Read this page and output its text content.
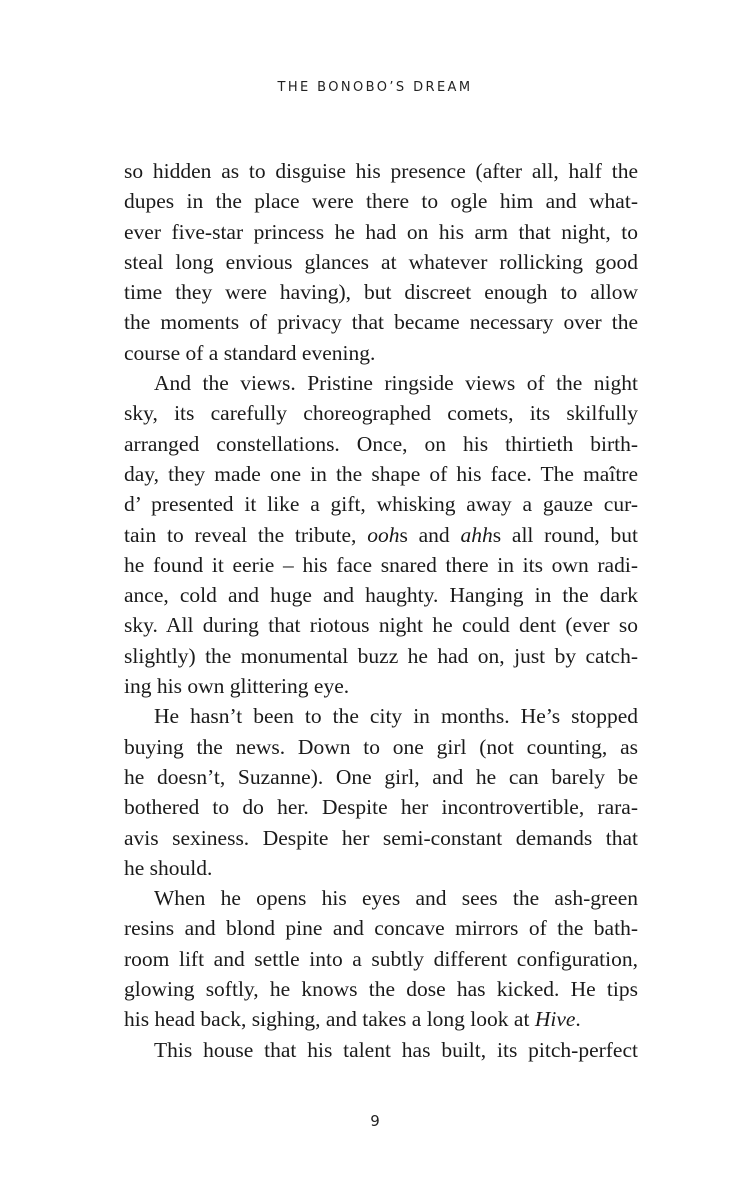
THE BONOBO’S DREAM

so hidden as to disguise his presence (after all, half the
dupes in the place were there to ogle him and what-
ever five-star princess he had on his arm that night, to
steal long envious glances at whatever rollicking good
time they were having), but discreet enough to allow
the moments of privacy that became necessary over the
course of a standard evening.

And the views. Pristine ringside views of the night
sky, its carefully choreographed comets, its skilfully
arranged constellations. Once, on his thirtieth birth-
day, they made one in the shape of his face. The maître
d’ presented it like a gift, whisking away a gauze cur-
tain to reveal the tribute, oohs and ahhs all round, but
he found it eerie – his face snared there in its own radi-
ance, cold and huge and haughty. Hanging in the dark
sky. All during that riotous night he could dent (ever so
slightly) the monumental buzz he had on, just by catch-
ing his own glittering eye.

He hasn’t been to the city in months. He’s stopped
buying the news. Down to one girl (not counting, as
he doesn’t, Suzanne). One girl, and he can barely be
bothered to do her. Despite her incontrovertible, rara-
avis sexiness. Despite her semi-constant demands that
he should.

When he opens his eyes and sees the ash-green
resins and blond pine and concave mirrors of the bath-
room lift and settle into a subtly different configuration,
glowing softly, he knows the dose has kicked. He tips
his head back, sighing, and takes a long look at Hive.

This house that his talent has built, its pitch-perfect

9
